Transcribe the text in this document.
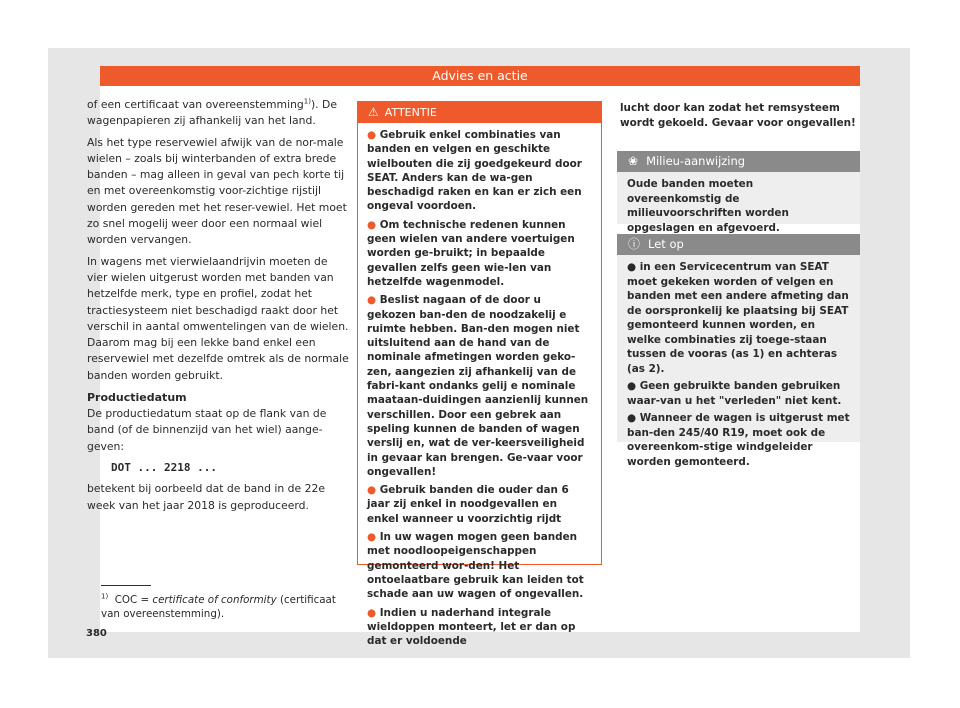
Advies en actie

of een certificaat van overeenstemming$^{1)}$). De wagenpapieren zij afhankelij van het land.

Als het type reservewiel afwijk van de nor-male wielen – zoals bij winterbanden of extra brede banden – mag alleen in geval van pech korte tij en met overeenkomstig voor-zichtige rijstijl worden gereden met het reser-vewiel. Het moet zo snel mogelij weer door een normaal wiel worden vervangen.

In wagens met vierwielaandrijvin moeten de vier wielen uitgerust worden met banden van hetzelfde merk, type en profiel, zodat het tractiesysteem niet beschadigd raakt door het verschil in aantal omwentelingen van de wielen. Daarom mag bij een lekke band enkel een reservewiel met dezelfde omtrek als de normale banden worden gebruikt.

Productiedatum

De productiedatum staat op de flank van de band (of de binnenzijd van het wiel) aange-geven:

DOT ... 2218 ...

betekent bij oorbeeld dat de band in de 22e week van het jaar 2018 is geproduceerd.

$^{1)}$ COC = certificate of conformity (certificaat van overeenstemming).
380
⚠ ATTENTIE

● Gebruik enkel combinaties van banden en velgen en geschikte wielbouten die zij goedgekeurd door SEAT. Anders kan de wa-gen beschadigd raken en kan er zich een ongeval voordoen.

● Om technische redenen kunnen geen wielen van andere voertuigen worden ge-bruikt; in bepaalde gevallen zelfs geen wie-len van hetzelfde wagenmodel.

● Beslist nagaan of de door u gekozen ban-den de noodzakelij e ruimte hebben. Ban-den mogen niet uitsluitend aan de hand van de nominale afmetingen worden geko-zen, aangezien zij afhankelij van de fabri-kant ondanks gelij e nominale maataan-duidingen aanzienlij kunnen verschillen. Door een gebrek aan speling kunnen de banden of wagen verslij en, wat de ver-keersveiligheid in gevaar kan brengen. Ge-vaar voor ongevallen!

● Gebruik banden die ouder dan 6 jaar zij enkel in noodgevallen en enkel wanneer u voorzichtig rijdt

● In uw wagen mogen geen banden met noodloopeigenschappen gemonteerd wor-den! Het ontoelaatbare gebruik kan leiden tot schade aan uw wagen of ongevallen.

● Indien u naderhand integrale wieldoppen monteert, let er dan op dat er voldoende

lucht door kan zodat het remsysteem wordt gekoeld. Gevaar voor ongevallen!
❀ Milieu-aanwijzing

Oude banden moeten overeenkomstig de milieuvoorschriften worden opgeslagen en afgevoerd.

ⓘ Let op

● in een Servicecentrum van SEAT moet gekeken worden of velgen en banden met een andere afmeting dan de oorspronkelij ke plaatsing bij SEAT gemonteerd kunnen worden, en welke combinaties zij toege-staan tussen de vooras (as 1) en achteras (as 2).

● Geen gebruikte banden gebruiken waar-van u het "verleden" niet kent.

● Wanneer de wagen is uitgerust met ban-den 245/40 R19, moet ook de overeenkom-stige windgeleider worden gemonteerd.
